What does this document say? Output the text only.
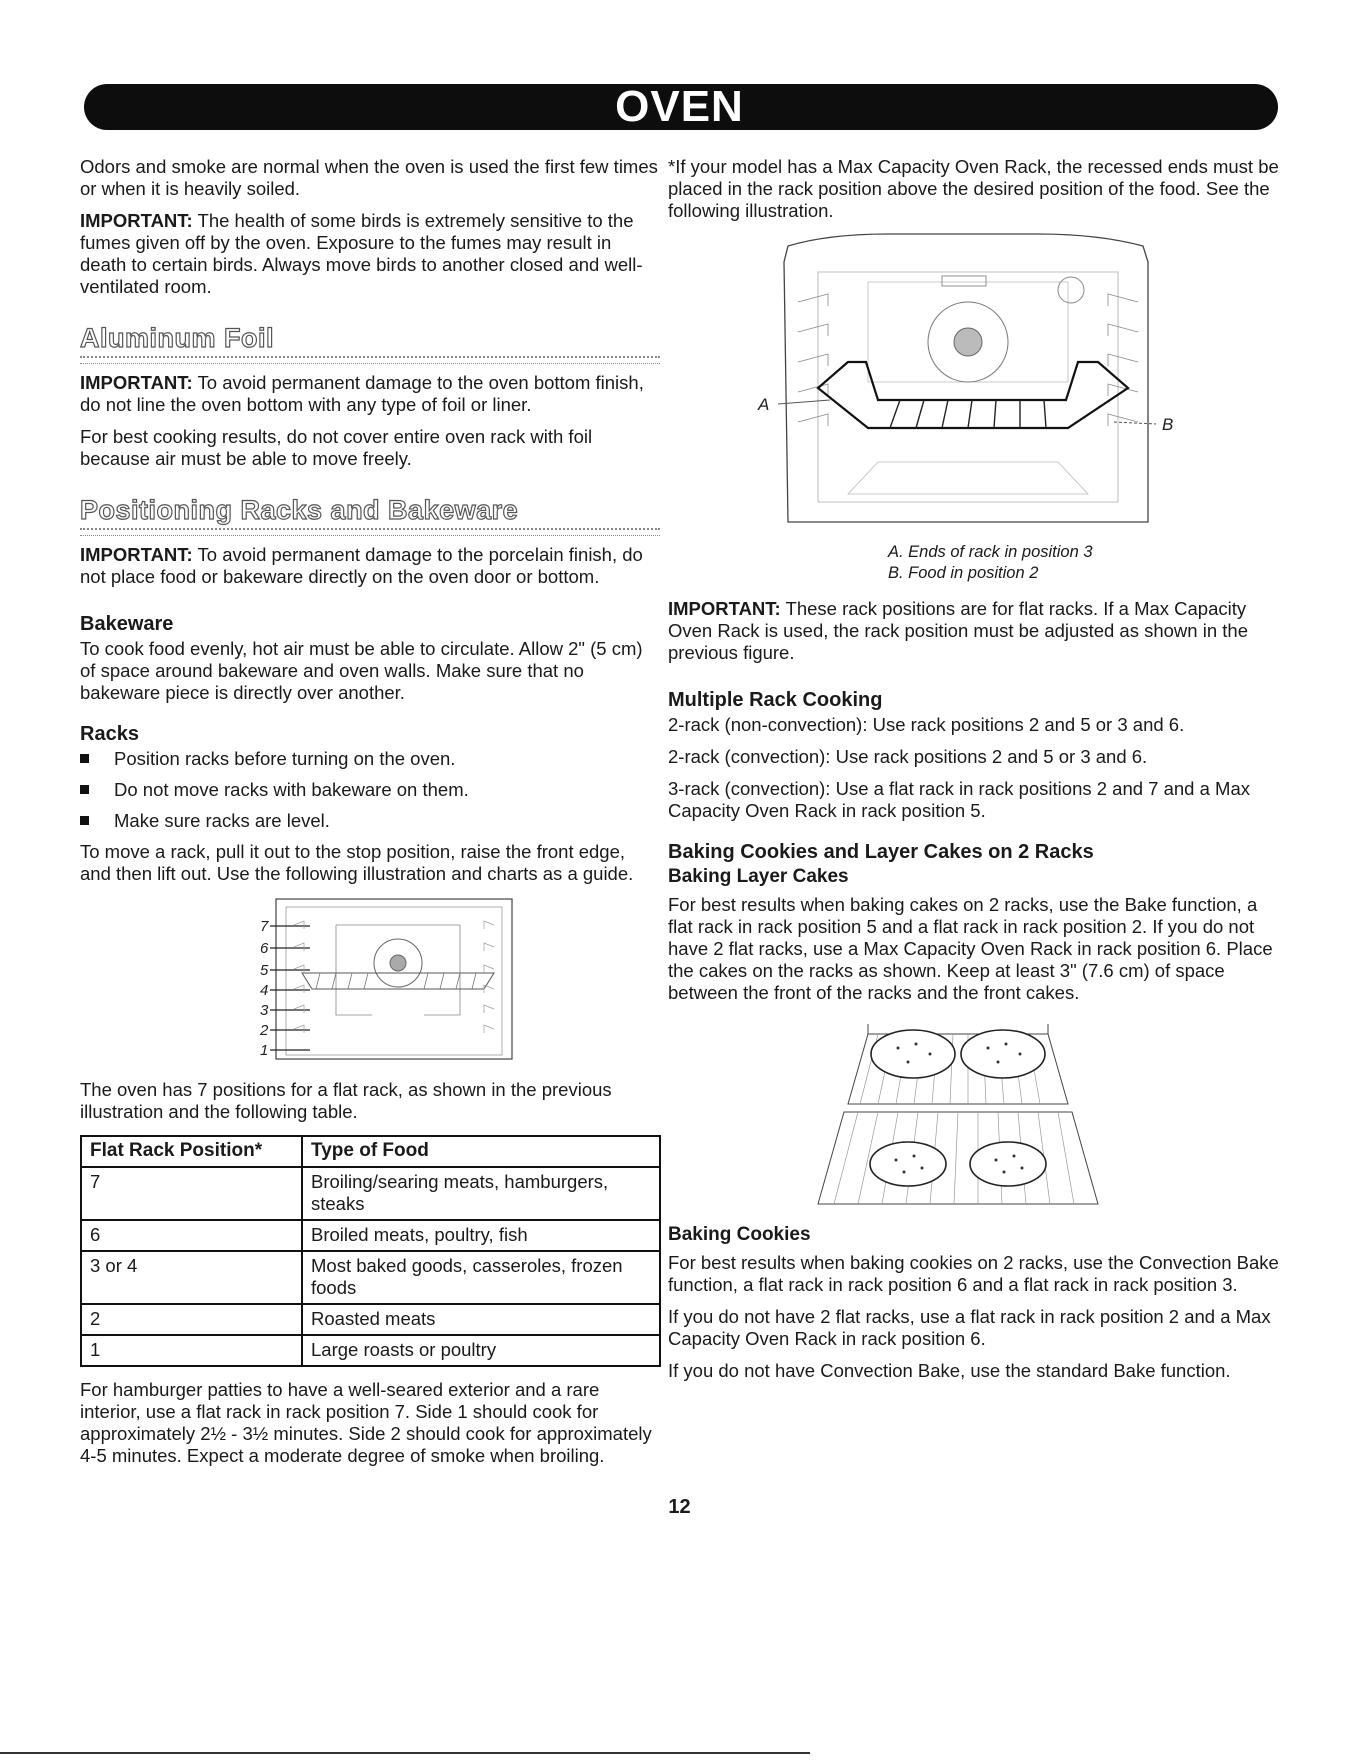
OVEN

Odors and smoke are normal when the oven is used the first few times or when it is heavily soiled.

IMPORTANT: The health of some birds is extremely sensitive to the fumes given off by the oven. Exposure to the fumes may result in death to certain birds. Always move birds to another closed and well-ventilated room.

Aluminum Foil

IMPORTANT: To avoid permanent damage to the oven bottom finish, do not line the oven bottom with any type of foil or liner.

For best cooking results, do not cover entire oven rack with foil because air must be able to move freely.

Positioning Racks and Bakeware

IMPORTANT: To avoid permanent damage to the porcelain finish, do not place food or bakeware directly on the oven door or bottom.

Bakeware

To cook food evenly, hot air must be able to circulate. Allow 2" (5 cm) of space around bakeware and oven walls. Make sure that no bakeware piece is directly over another.

Racks
Position racks before turning on the oven.
Do not move racks with bakeware on them.
Make sure racks are level.

To move a rack, pull it out to the stop position, raise the front edge, and then lift out. Use the following illustration and charts as a guide.

7
6
5
4
3
2
1

The oven has 7 positions for a flat rack, as shown in the previous illustration and the following table.

Flat Rack Position*	Type of Food
7	Broiling/searing meats, hamburgers, steaks
6	Broiled meats, poultry, fish
3 or 4	Most baked goods, casseroles, frozen foods
2	Roasted meats
1	Large roasts or poultry

For hamburger patties to have a well-seared exterior and a rare interior, use a flat rack in rack position 7. Side 1 should cook for approximately 2½ - 3½ minutes. Side 2 should cook for approximately 4-5 minutes. Expect a moderate degree of smoke when broiling.

*If your model has a Max Capacity Oven Rack, the recessed ends must be placed in the rack position above the desired position of the food. See the following illustration.

A
B
A. Ends of rack in position 3
B. Food in position 2

IMPORTANT: These rack positions are for flat racks. If a Max Capacity Oven Rack is used, the rack position must be adjusted as shown in the previous figure.

Multiple Rack Cooking

2-rack (non-convection): Use rack positions 2 and 5 or 3 and 6.

2-rack (convection): Use rack positions 2 and 5 or 3 and 6.

3-rack (convection): Use a flat rack in rack positions 2 and 7 and a Max Capacity Oven Rack in rack position 5.

Baking Cookies and Layer Cakes on 2 Racks
Baking Layer Cakes

For best results when baking cakes on 2 racks, use the Bake function, a flat rack in rack position 5 and a flat rack in rack position 2. If you do not have 2 flat racks, use a Max Capacity Oven Rack in rack position 6. Place the cakes on the racks as shown. Keep at least 3" (7.6 cm) of space between the front of the racks and the front cakes.

Baking Cookies

For best results when baking cookies on 2 racks, use the Convection Bake function, a flat rack in rack position 6 and a flat rack in rack position 3.

If you do not have 2 flat racks, use a flat rack in rack position 2 and a Max Capacity Oven Rack in rack position 6.

If you do not have Convection Bake, use the standard Bake function.

12
